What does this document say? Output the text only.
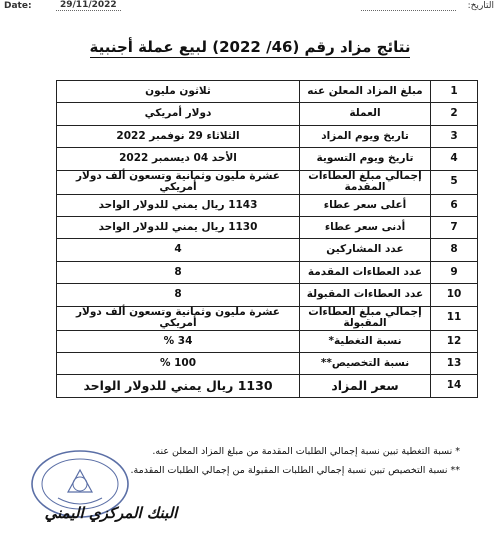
Date:	29/11/2022	التاريخ:
نتائج مزاد رقم (46/ 2022) لبيع عملة أجنبية
1	مبلغ المزاد المعلن عنه	ثلاثون مليون
2	العملة	دولار أمريكي
3	تاريخ ويوم المزاد	الثلاثاء 29 نوفمبر 2022
4	تاريخ ويوم التسوية	الأحد 04 ديسمبر 2022
5	إجمالي مبلغ العطاءات المقدمة	عشرة مليون وثمانية وتسعون ألف دولار أمريكي
6	أعلى سعر عطاء	1143 ريال يمني للدولار الواحد
7	أدنى سعر عطاء	1130 ريال يمني للدولار الواحد
8	عدد المشاركين	4
9	عدد العطاءات المقدمة	8
10	عدد العطاءات المقبولة	8
11	إجمالي مبلغ العطاءات المقبولة	عشرة مليون وثمانية وتسعون ألف دولار أمريكي
12	نسبة التغطية*	34 %
13	نسبة التخصيص**	100 %
14	سعر المزاد	1130 ريال يمني للدولار الواحد
* نسبة التغطية تبين نسبة إجمالي الطلبات المقدمة من مبلغ المزاد المعلن عنه.
** نسبة التخصيص تبين نسبة إجمالي الطلبات المقبولة من إجمالي الطلبات المقدمة.
البنك المركزي اليمني
